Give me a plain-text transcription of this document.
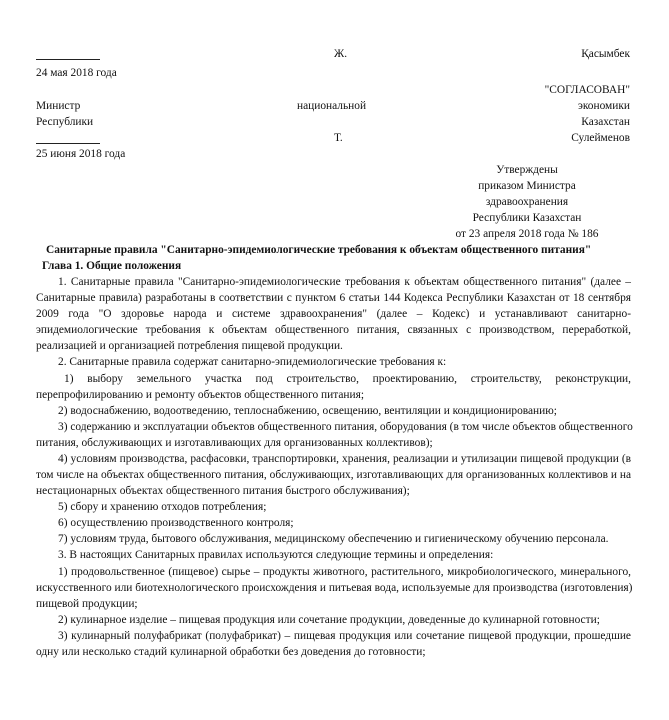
Ж.	Қасымбек
24 мая 2018 года
"СОГЛАСОВАН"
Министр	национальной	экономики
Республики	Казахстан
Т.	Сулейменов
25 июня 2018 года
Утверждены
приказом Министра
здравоохранения
Республики Казахстан
от 23 апреля 2018 года № 186
Санитарные правила "Санитарно-эпидемиологические требования к объектам общественного питания"
Глава 1. Общие положения
1. Санитарные правила "Санитарно-эпидемиологические требования к объектам общественного питания" (далее –
Санитарные правила) разработаны в соответствии с пунктом 6 статьи 144 Кодекса Республики Казахстан от 18 сентября
2009 года "О здоровье народа и системе здравоохранения" (далее – Кодекс) и устанавливают санитарно-
эпидемиологические требования к объектам общественного питания, связанных с производством, переработкой,
реализацией и организацией потребления пищевой продукции.
2. Санитарные правила содержат санитарно-эпидемиологические требования к:
1) выбору земельного участка под строительство, проектированию, строительству, реконструкции,
перепрофилированию и ремонту объектов общественного питания;
2) водоснабжению, водоотведению, теплоснабжению, освещению, вентиляции и кондиционированию;
3) содержанию и эксплуатации объектов общественного питания, оборудования (в том числе объектов общественного
питания, обслуживающих и изготавливающих для организованных коллективов);
4) условиям производства, расфасовки, транспортировки, хранения, реализации и утилизации пищевой продукции (в
том числе на объектах общественного питания, обслуживающих, изготавливающих для организованных коллективов и на
нестационарных объектах общественного питания быстрого обслуживания);
5) сбору и хранению отходов потребления;
6) осуществлению производственного контроля;
7) условиям труда, бытового обслуживания, медицинскому обеспечению и гигиеническому обучению персонала.
3. В настоящих Санитарных правилах используются следующие термины и определения:
1) продовольственное (пищевое) сырье – продукты животного, растительного, микробиологического, минерального,
искусственного или биотехнологического происхождения и питьевая вода, используемые для производства (изготовления)
пищевой продукции;
2) кулинарное изделие – пищевая продукция или сочетание продукции, доведенные до кулинарной готовности;
3) кулинарный полуфабрикат (полуфабрикат) – пищевая продукция или сочетание пищевой продукции, прошедшие
одну или несколько стадий кулинарной обработки без доведения до готовности;
